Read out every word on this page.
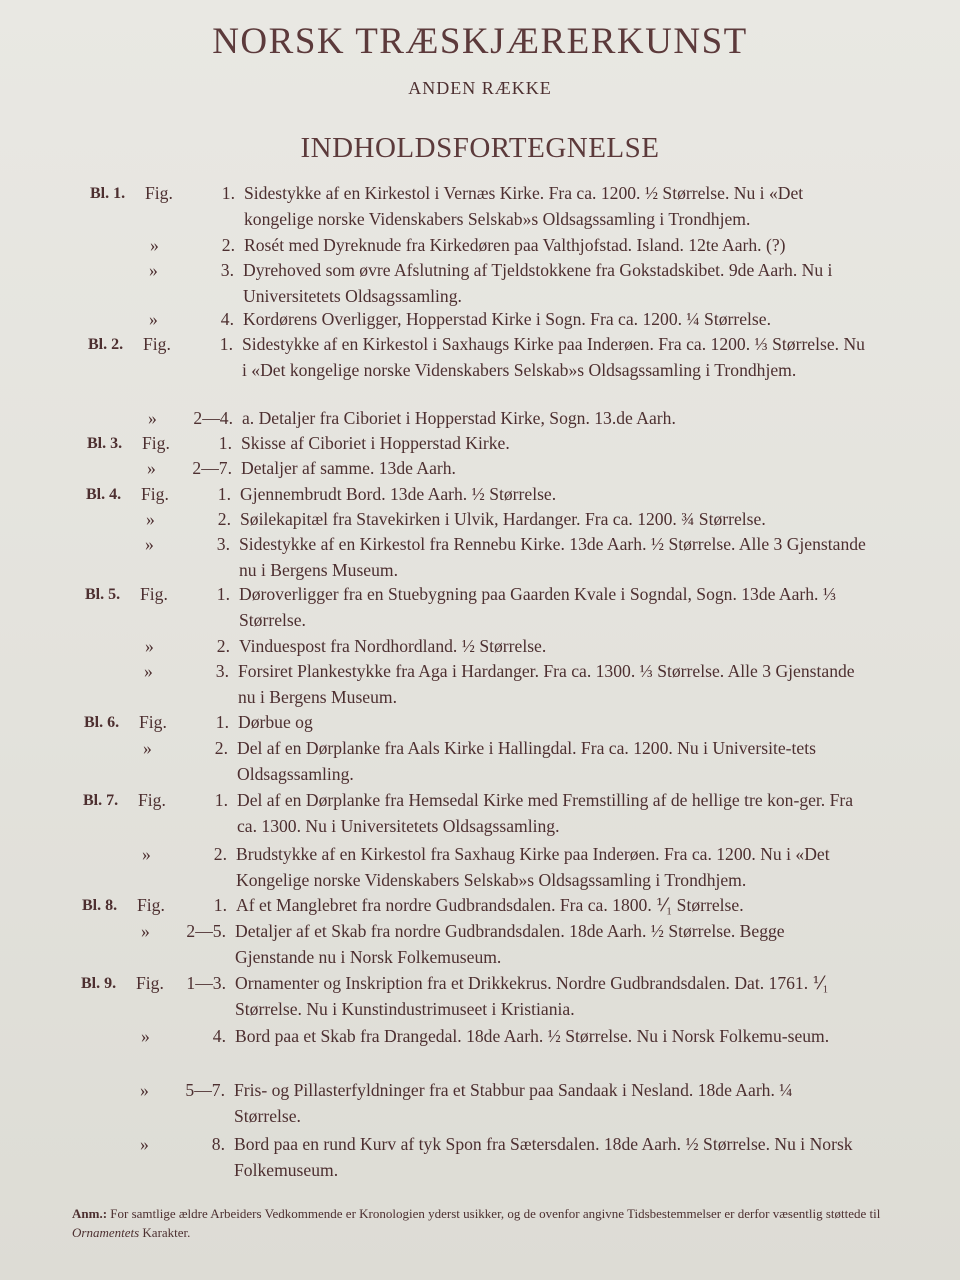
NORSK TRÆSKJÆRERKUNST
ANDEN RÆKKE
INDHOLDSFORTEGNELSE
Bl. 1. Fig.	1. Sidestykke af en Kirkestol i Vernæs Kirke. Fra ca. 1200. ½ Størrelse. Nu i «Det kongelige norske Videnskabers Selskab»s Oldsagssamling i Trondhjem.
»	2. Rosét med Dyreknude fra Kirkedøren paa Valthjofstad. Island. 12te Aarh. (?)
»	3. Dyrehoved som øvre Afslutning af Tjeldstokkene fra Gokstadskibet. 9de Aarh. Nu i Universitetets Oldsagssamling.
»	4. Kordørens Overligger, Hopperstad Kirke i Sogn. Fra ca. 1200. ¼ Størrelse.
Bl. 2. Fig.	1. Sidestykke af en Kirkestol i Saxhaugs Kirke paa Inderøen. Fra ca. 1200. ⅓ Størrelse. Nu i «Det kongelige norske Videnskabers Selskab»s Oldsagssamling i Trondhjem.
»	2—4. a. Detaljer fra Ciboriet i Hopperstad Kirke, Sogn. 13.de Aarh.
Bl. 3. Fig.	1. Skisse af Ciboriet i Hopperstad Kirke.
»	2—7. Detaljer af samme. 13de Aarh.
Bl. 4. Fig.	1. Gjennembrudt Bord. 13de Aarh. ½ Størrelse.
»	2. Søilekapitæl fra Stavekirken i Ulvik, Hardanger. Fra ca. 1200. ¾ Størrelse.
»	3. Sidestykke af en Kirkestol fra Rennebu Kirke. 13de Aarh. ½ Størrelse. Alle 3 Gjenstande nu i Bergens Museum.
Bl. 5. Fig.	1. Døroverligger fra en Stuebygning paa Gaarden Kvale i Sogndal, Sogn. 13de Aarh. ⅓ Størrelse.
»	2. Vinduespost fra Nordhordland. ½ Størrelse.
»	3. Forsiret Plankestykke fra Aga i Hardanger. Fra ca. 1300. ⅓ Størrelse. Alle 3 Gjenstande nu i Bergens Museum.
Bl. 6. Fig.	1. Dørbue og
»	2. Del af en Dørplanke fra Aals Kirke i Hallingdal. Fra ca. 1200. Nu i Universite-tets Oldsagssamling.
Bl. 7. Fig.	1. Del af en Dørplanke fra Hemsedal Kirke med Fremstilling af de hellige tre kon-ger. Fra ca. 1300. Nu i Universitetets Oldsagssamling.
»	2. Brudstykke af en Kirkestol fra Saxhaug Kirke paa Inderøen. Fra ca. 1200. Nu i «Det Kongelige norske Videnskabers Selskab»s Oldsagssamling i Trondhjem.
Bl. 8. Fig.	1. Af et Manglebret fra nordre Gudbrandsdalen. Fra ca. 1800. ⅟₁ Størrelse.
»	2—5. Detaljer af et Skab fra nordre Gudbrandsdalen. 18de Aarh. ½ Størrelse. Begge Gjenstande nu i Norsk Folkemuseum.
Bl. 9. Fig.	1—3. Ornamenter og Inskription fra et Drikkekrus. Nordre Gudbrandsdalen. Dat. 1761. ⅟₁ Størrelse. Nu i Kunstindustrimuseet i Kristiania.
»	4. Bord paa et Skab fra Drangedal. 18de Aarh. ½ Størrelse. Nu i Norsk Folkemu-seum.
»	5—7. Fris- og Pillasterfyldninger fra et Stabbur paa Sandaak i Nesland. 18de Aarh. ¼ Størrelse.
»	8. Bord paa en rund Kurv af tyk Spon fra Sætersdalen. 18de Aarh. ½ Størrelse. Nu i Norsk Folkemuseum.
Anm.: For samtlige ældre Arbeiders Vedkommende er Kronologien yderst usikker, og de ovenfor angivne Tidsbestemmelser er derfor væsentlig støttede til Ornamentets Karakter.
